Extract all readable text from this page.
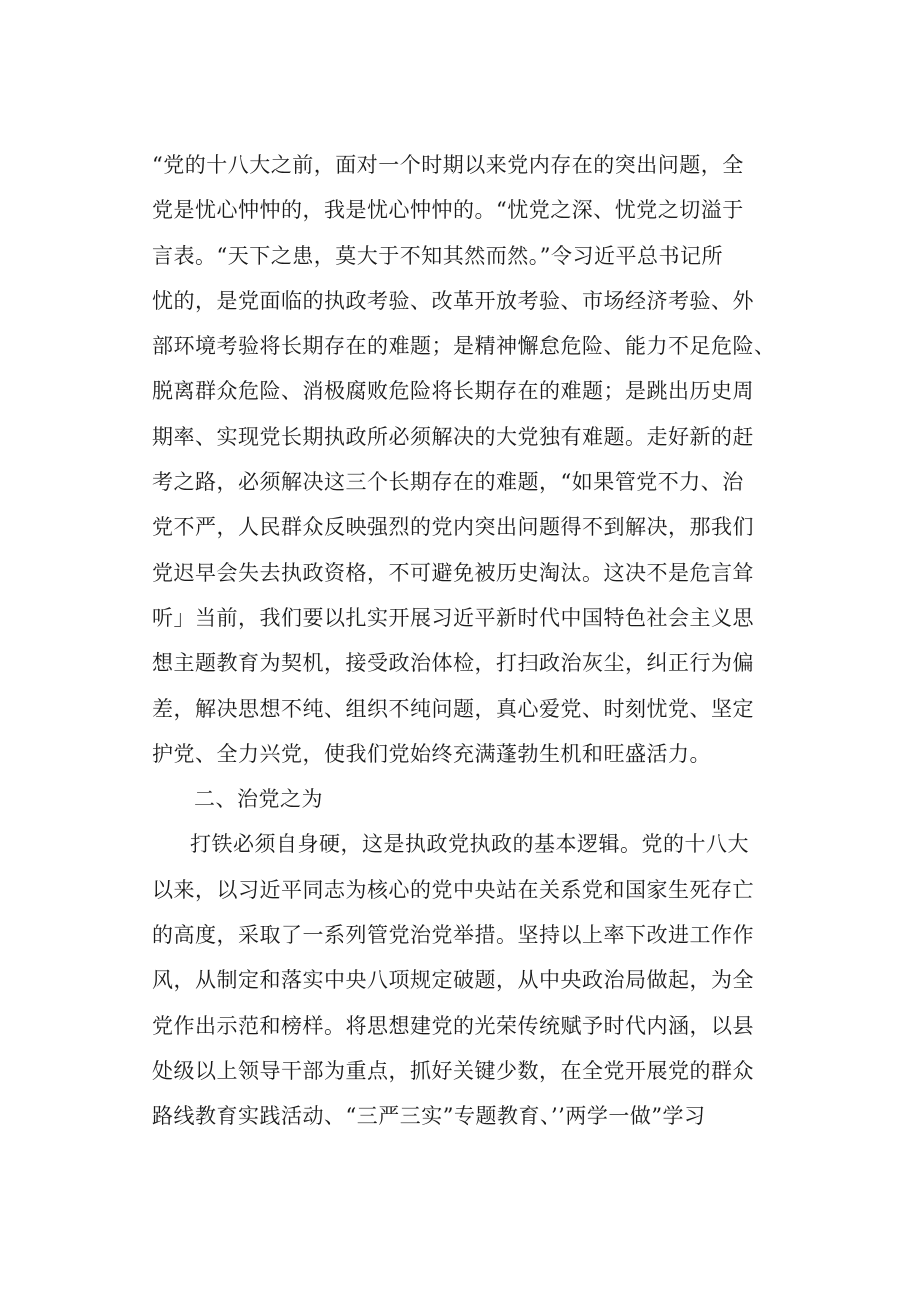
“党的十八大之前，面对一个时期以来党内存在的突出问题，全
党是忧心忡忡的，我是忧心忡忡的。“忧党之深、忧党之切溢于
言表。“天下之患，莫大于不知其然而然。”令习近平总书记所
忧的，是党面临的执政考验、改革开放考验、市场经济考验、外
部环境考验将长期存在的难题；是精神懈怠危险、能力不足危险、
脱离群众危险、消极腐败危险将长期存在的难题；是跳出历史周
期率、实现党长期执政所必须解决的大党独有难题。走好新的赶
考之路，必须解决这三个长期存在的难题，“如果管党不力、治
党不严，人民群众反映强烈的党内突出问题得不到解决，那我们
党迟早会失去执政资格，不可避免被历史淘汰。这决不是危言耸
听」当前，我们要以扎实开展习近平新时代中国特色社会主义思
想主题教育为契机，接受政治体检，打扫政治灰尘，纠正行为偏
差，解决思想不纯、组织不纯问题，真心爱党、时刻忧党、坚定
护党、全力兴党，使我们党始终充满蓬勃生机和旺盛活力。
二、治党之为
打铁必须自身硬，这是执政党执政的基本逻辑。党的十八大
以来，以习近平同志为核心的党中央站在关系党和国家生死存亡
的高度，采取了一系列管党治党举措。坚持以上率下改进工作作
风，从制定和落实中央八项规定破题，从中央政治局做起，为全
党作出示范和榜样。将思想建党的光荣传统赋予时代内涵，以县
处级以上领导干部为重点，抓好关键少数，在全党开展党的群众
路线教育实践活动、“三严三实”专题教育、’’两学一做”学习
